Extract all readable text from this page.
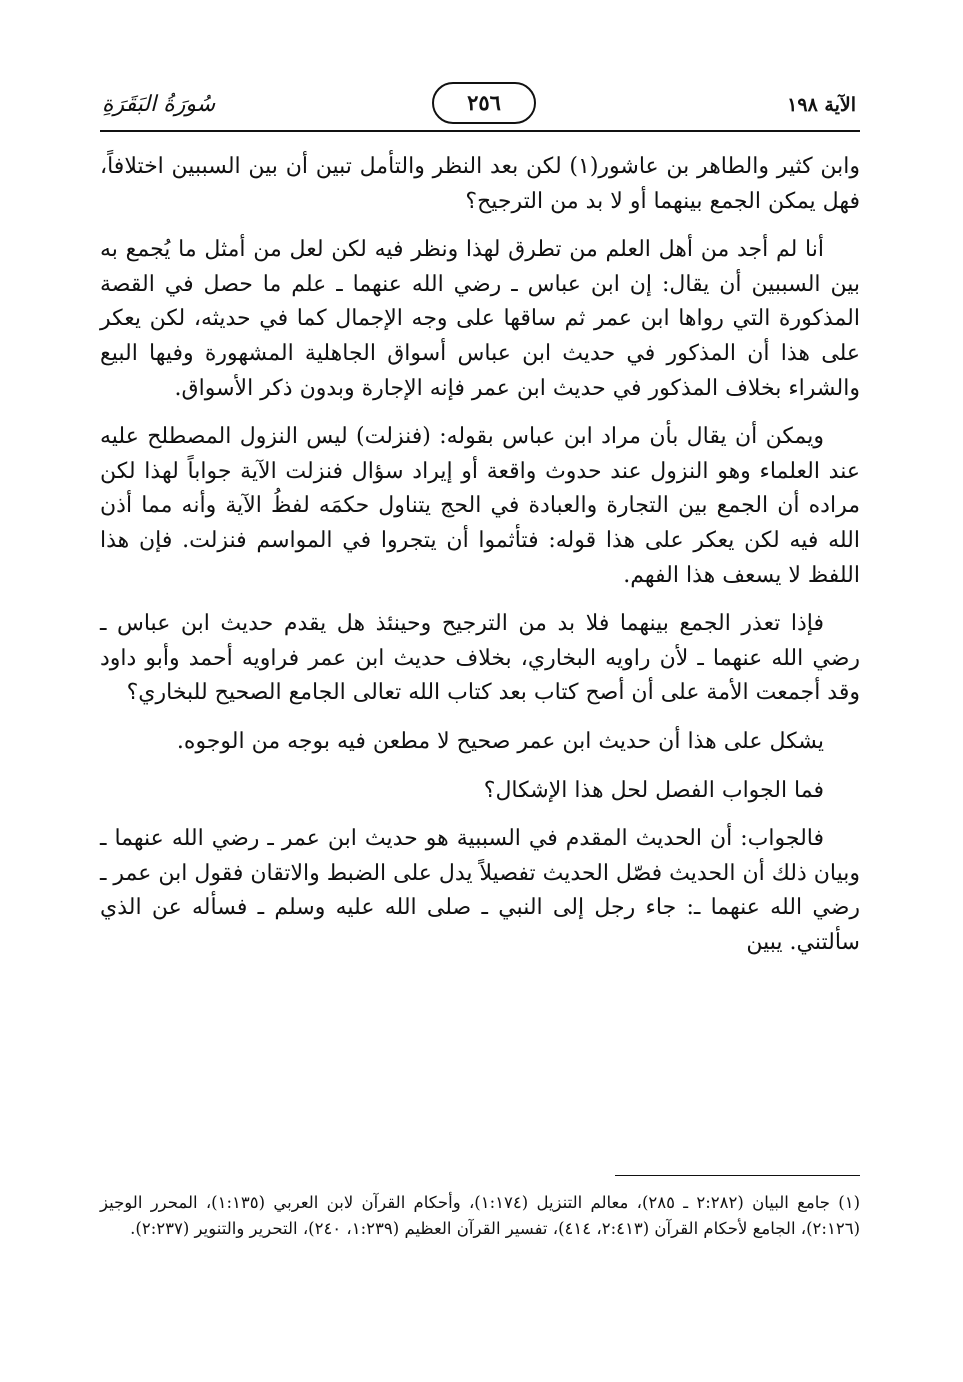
سُورَةُ البَقَرَةِ	٢٥٦	الآية ١٩٨

وابن كثير والطاهر بن عاشور(١) لكن بعد النظر والتأمل تبين أن بين السببين اختلافاً، فهل يمكن الجمع بينهما أو لا بد من الترجيح؟

أنا لم أجد من أهل العلم من تطرق لهذا ونظر فيه لكن لعل من أمثل ما يُجمع به بين السببين أن يقال: إن ابن عباس ـ رضي الله عنهما ـ علم ما حصل في القصة المذكورة التي رواها ابن عمر ثم ساقها على وجه الإجمال كما في حديثه، لكن يعكر على هذا أن المذكور في حديث ابن عباس أسواق الجاهلية المشهورة وفيها البيع والشراء بخلاف المذكور في حديث ابن عمر فإنه الإجارة وبدون ذكر الأسواق.

ويمكن أن يقال بأن مراد ابن عباس بقوله: (فنزلت) ليس النزول المصطلح عليه عند العلماء وهو النزول عند حدوث واقعة أو إيراد سؤال فنزلت الآية جواباً لهذا لكن مراده أن الجمع بين التجارة والعبادة في الحج يتناول حكمَه لفظُ الآية وأنه مما أذن الله فيه لكن يعكر على هذا قوله: فتأثموا أن يتجروا في المواسم فنزلت. فإن هذا اللفظ لا يسعف هذا الفهم.

فإذا تعذر الجمع بينهما فلا بد من الترجيح وحينئذ هل يقدم حديث ابن عباس ـ رضي الله عنهما ـ لأن راويه البخاري، بخلاف حديث ابن عمر فراويه أحمد وأبو داود وقد أجمعت الأمة على أن أصح كتاب بعد كتاب الله تعالى الجامع الصحيح للبخاري؟

يشكل على هذا أن حديث ابن عمر صحيح لا مطعن فيه بوجه من الوجوه.

فما الجواب الفصل لحل هذا الإشكال؟

فالجواب: أن الحديث المقدم في السببية هو حديث ابن عمر ـ رضي الله عنهما ـ وبيان ذلك أن الحديث فصّل الحديث تفصيلاً يدل على الضبط والاتقان فقول ابن عمر ـ رضي الله عنهما ـ: جاء رجل إلى النبي ـ صلى الله عليه وسلم ـ فسأله عن الذي سألتني. يبين

(١) جامع البيان (٢:٢٨٢ ـ ٢٨٥)، معالم التنزيل (١:١٧٤)، وأحكام القرآن لابن العربي (١:١٣٥)، المحرر الوجيز (٢:١٢٦)، الجامع لأحكام القرآن (٢:٤١٣، ٤١٤)، تفسير القرآن العظيم (١:٢٣٩، ٢٤٠)، التحرير والتنوير (٢:٢٣٧).
